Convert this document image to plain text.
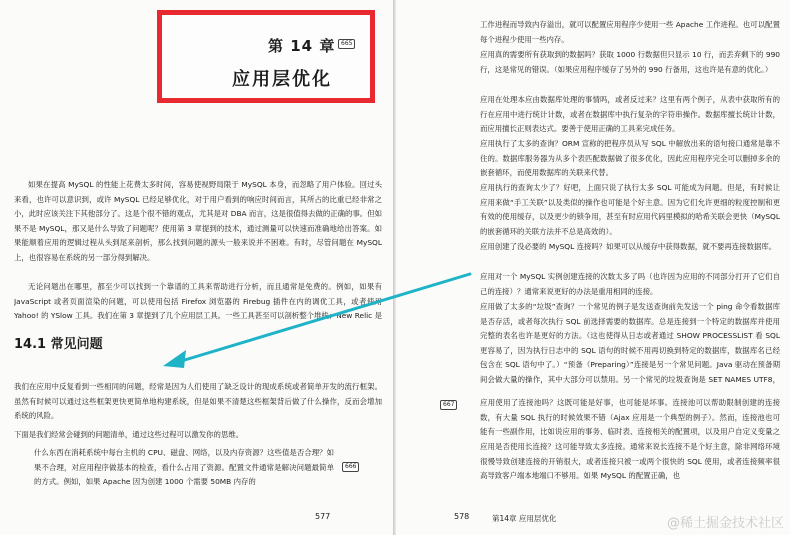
第 14 章 665
应用层优化
如果在提高 MySQL 的性能上花费太多时间，容易使视野局限于 MySQL 本身，而忽略了用户体验。回过头来看，也许可以意识到，或许 MySQL 已经足够优化，对于用户看到的响应时间而言，其所占的比重已经非常之小，此时应该关注下其他部分了。这是个很不错的观点，尤其是对 DBA 而言，这是很值得去做的正确的事。但如果不是 MySQL，那又是什么导致了问题呢？使用第 3 章提到的技术，通过测量可以快速而准确地给出答案。如果能顺着应用的逻辑过程从头到尾来剖析，那么找到问题的源头一般来说并不困难。有时，尽管问题在 MySQL 上，也很容易在系统的另一部分得到解决。
无论问题出在哪里，都至少可以找到一个靠谱的工具来帮助进行分析，而且通常是免费的。例如，如果有 JavaScript 或者页面渲染的问题，可以使用包括 Firefox 浏览器的 Firebug 插件在内的调优工具，或者使用 Yahoo! 的 YSlow 工具。我们在第 3 章提到了几个应用层工具。一些工具甚至可以剖析整个堆栈；New Relic 是
14.1 常见问题
我们在应用中反复看到一些相同的问题，经常是因为人们使用了缺乏设计的现成系统或者简单开发的流行框架。虽然有时候可以通过这些框架更快更简单地构建系统，但是如果不清楚这些框架背后做了什么操作，反而会增加系统的风险。
下面是我们经常会碰到的问题清单，通过这些过程可以激发你的思维。
什么东西在消耗系统中每台主机的 CPU、磁盘、网络，以及内存资源？这些值是否合理？如果不合理，对应用程序做基本的检查，看什么占用了资源。配置文件通常是解决问题最简单的方式。例如，如果 Apache 因为创建 1000 个需要 50MB 内存的
666
577
工作进程而导致内存溢出，就可以配置应用程序少使用一些 Apache 工作进程。也可以配置每个进程少使用一些内存。
应用真的需要所有获取到的数据吗？获取 1000 行数据但只显示 10 行，而丢弃剩下的 990 行，这是常见的错误。（如果应用程序缓存了另外的 990 行备用，这也许是有意的优化。）
应用在处理本应由数据库处理的事情吗，或者反过来？这里有两个例子，从表中获取所有的行在应用中进行统计计数，或者在数据库中执行复杂的字符串操作。数据库擅长统计计数，而应用擅长正则表达式。要善于使用正确的工具来完成任务。
应用执行了太多的查询？ORM 宣称的把程序员从写 SQL 中解放出来的语句接口通常是靠不住的。数据库服务器为从多个表匹配数据做了很多优化，因此应用程序完全可以删掉多余的嵌套循环，而使用数据库的关联来代替。
应用执行的查询太少了？好吧，上面只说了执行太多 SQL 可能成为问题。但是，有时候让应用来做“手工关联”以及类似的操作也可能是个好主意。因为它们允许更细的粒度控制和更有效的使用缓存，以及更少的锁争用，甚至有时应用代码里模拟的哈希关联会更快（MySQL 的嵌套循环的关联方法并不总是高效的）。
应用创建了没必要的 MySQL 连接吗？如果可以从缓存中获得数据，就不要再连接数据库。
应用对一个 MySQL 实例创建连接的次数太多了吗（也许因为应用的不同部分打开了它们自己的连接）？通常来说更好的办法是重用相同的连接。
应用做了太多的“垃圾”查询？一个常见的例子是发送查询前先发送一个 ping 命令看数据库是否存活，或者每次执行 SQL 前选择需要的数据库。总是连接到一个特定的数据库并使用完整的表名也许是更好的方法。（这也使得从日志或者通过 SHOW PROCESSLIST 看 SQL 更容易了，因为执行日志中的 SQL 语句的时候不用再切换到特定的数据库，数据库名已经包含在 SQL 语句中了。）“预备（Preparing）”连接是另一个常见问题。Java 驱动在预备期间会做大量的操作，其中大部分可以禁用。另一个常见的垃圾查询是 SET NAMES UTF8，
应用使用了连接池吗？这既可能是好事，也可能是坏事。连接池可以帮助限制创建的连接数，有大量 SQL 执行的时候效果不错（Ajax 应用是一个典型的例子）。然而，连接池也可能有一些副作用，比如说应用的事务、临时表、连接相关的配置项，以及用户自定义变量之
应用是否使用长连接？这可能导致太多连接。通常来说长连接不是个好主意，除非网络环境很慢导致创建连接的开销很大，或者连接只被一或两个很快的 SQL 使用，或者连接频率很高导致客户端本地端口不够用。如果 MySQL 的配置正确，也
667
578	第14章 应用层优化	@稀土掘金技术社区
